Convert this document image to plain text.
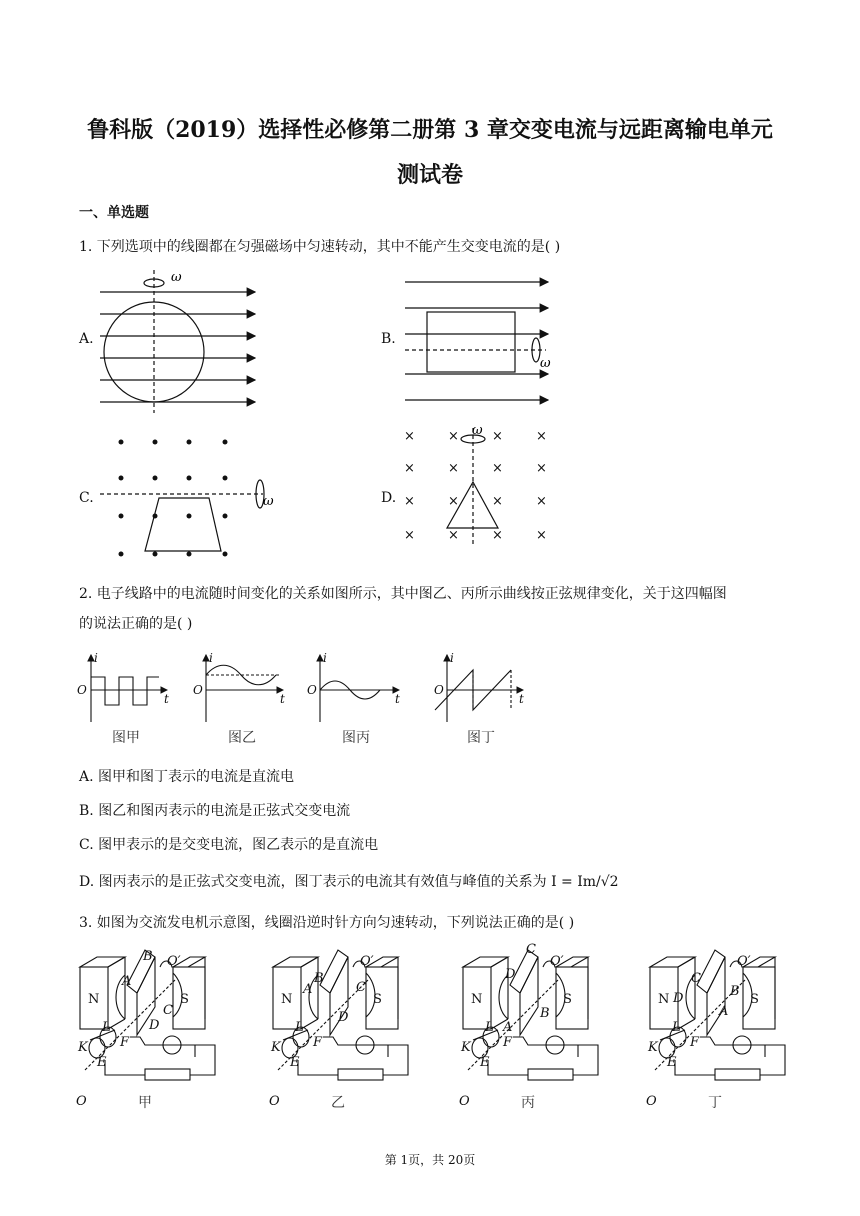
鲁科版（2019）选择性必修第二册第 3 章交变电流与远距离输电单元
测试卷
一、单选题
1. 下列选项中的线圈都在匀强磁场中匀速转动，其中不能产生交变电流的是( )
A.	B.
C.	D.
ω
ω
ω
×	×	×	×
×	×	×	×
×	×	×	×
×	×	×	×
ω
2. 电子线路中的电流随时间变化的关系如图所示，其中图乙、丙所示曲线按正弦规律变化，关于这四幅图
的说法正确的是( )
i
t
O
i
t
O
i
t
O
i
t
O
图甲	图乙	图丙	图丁
A. 图甲和图丁表示的电流是直流电
B. 图乙和图丙表示的电流是正弦式交变电流
C. 图甲表示的是交变电流，图乙表示的是直流电
D. 图丙表示的是正弦式交变电流，图丁表示的电流其有效值与峰值的关系为 I = Im/√2
3. 如图为交流发电机示意图，线圈沿逆时针方向匀速转动，下列说法正确的是( )
N	S
O′
O
B
A
C
D
K
L
F
E
甲
N	S
O′
O
B
A	C
D
K
L
F
E
乙
N	S
O′
O
C
D
A
B
K
L
F
E
丙
N	S
O′
O
C
D	B
A
K
L
F
E
丁
第 1页，共 20页
